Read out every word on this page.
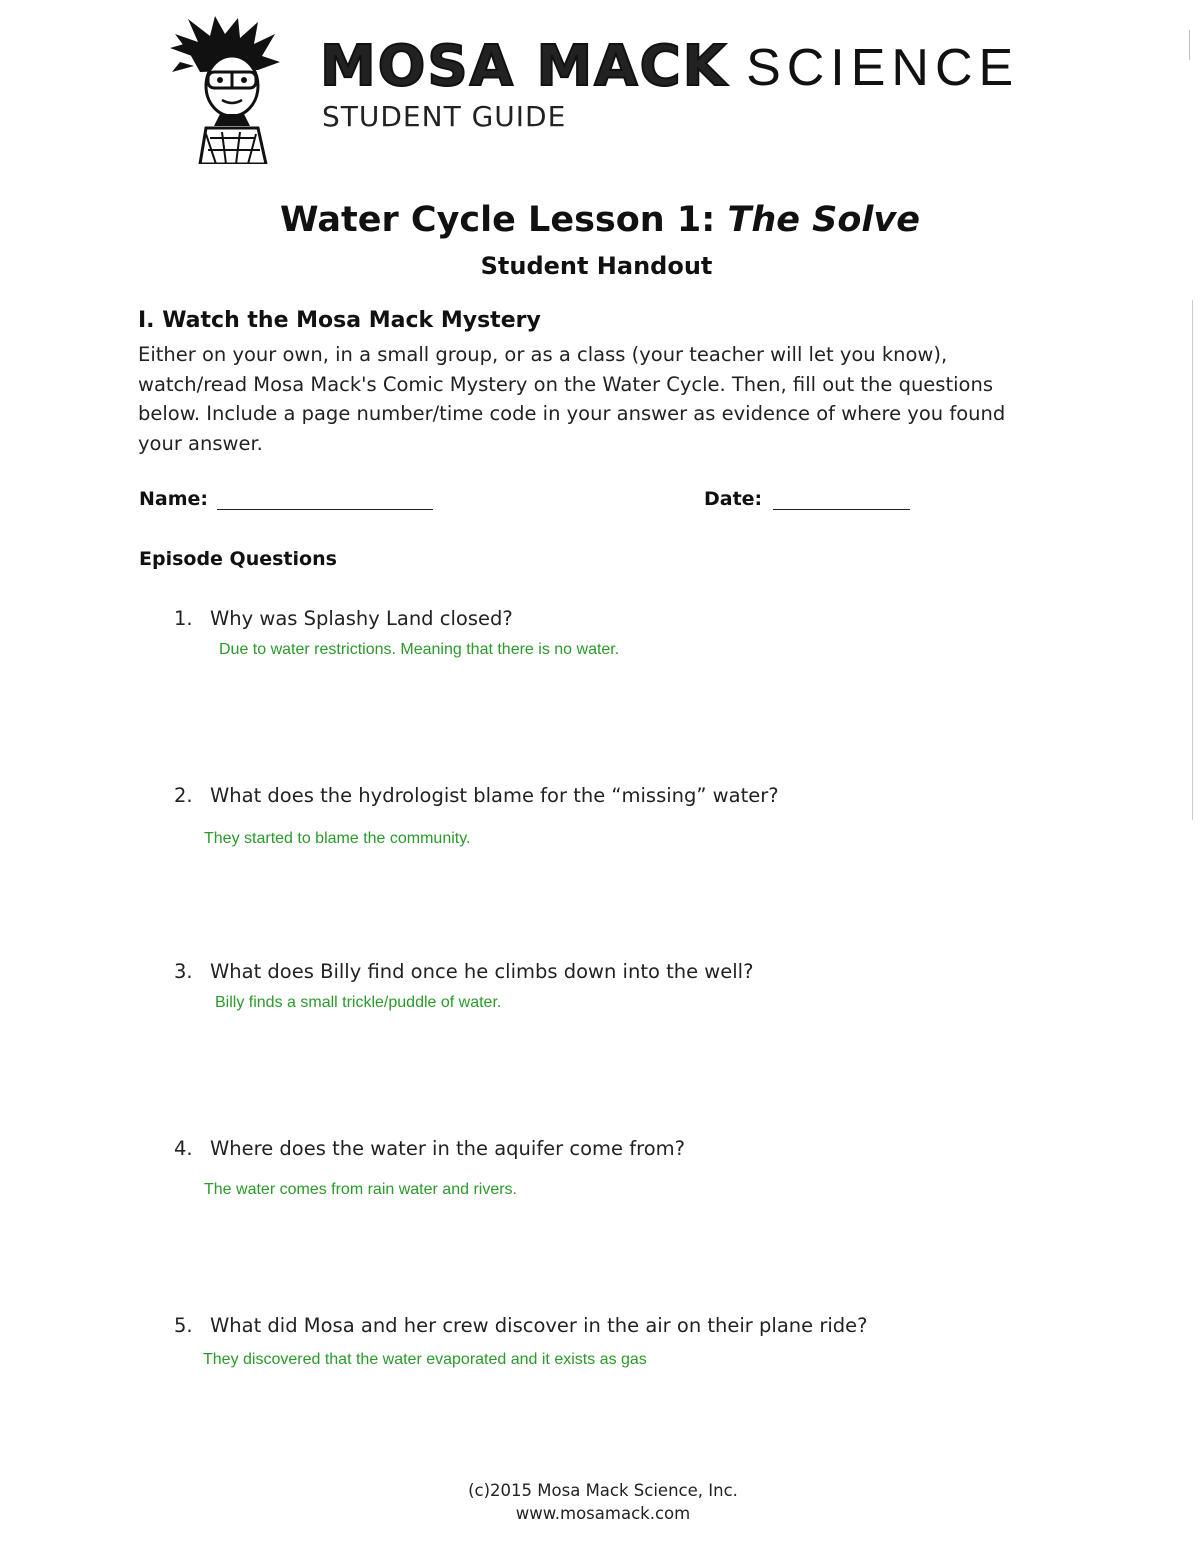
MOSA MACK SCIENCE
STUDENT GUIDE
Water Cycle Lesson 1: The Solve
Student Handout
I. Watch the Mosa Mack Mystery
Either on your own, in a small group, or as a class (your teacher will let you know), watch/read Mosa Mack's Comic Mystery on the Water Cycle. Then, fill out the questions below. Include a page number/time code in your answer as evidence of where you found your answer.
Name:	Date:
Episode Questions
1. Why was Splashy Land closed?
Due to water restrictions. Meaning that there is no water.
2. What does the hydrologist blame for the “missing” water?
They started to blame the community.
3. What does Billy find once he climbs down into the well?
Billy finds a small trickle/puddle of water.
4. Where does the water in the aquifer come from?
The water comes from rain water and rivers.
5. What did Mosa and her crew discover in the air on their plane ride?
They discovered that the water evaporated and it exists as gas
(c)2015 Mosa Mack Science, Inc.
www.mosamack.com
